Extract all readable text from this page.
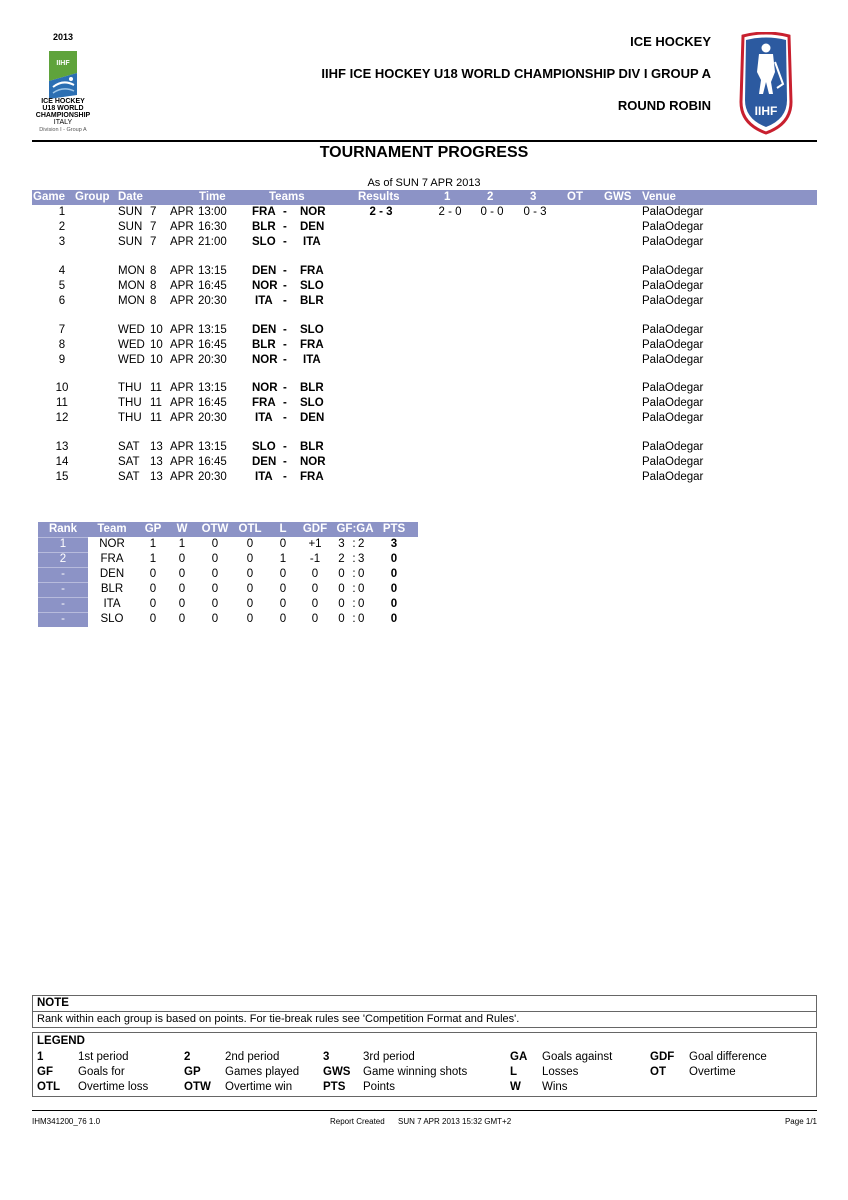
2013
IIHF
ICE HOCKEY
U18 WORLD
CHAMPIONSHIP
ITALY
Division I - Group A
ICE HOCKEY
IIHF ICE HOCKEY U18 WORLD CHAMPIONSHIP DIV I GROUP A
ROUND ROBIN	IIHF
TOURNAMENT PROGRESS
As of SUN 7 APR 2013
Game Group Date	Time	Teams	Results	1	2	3	OT GWS Venue
1	SUN 7 APR 13:00 FRA - NOR	2 - 3	2 - 0	0 - 0	0 - 3	PalaOdegar
2	SUN 7 APR 16:30 BLR - DEN	PalaOdegar
3	SUN 7 APR 21:00 SLO - ITA	PalaOdegar
4	MON 8 APR 13:15 DEN - FRA	PalaOdegar
5	MON 8 APR 16:45 NOR - SLO	PalaOdegar
6	MON 8 APR 20:30 ITA - BLR	PalaOdegar
7	WED 10 APR 13:15 DEN - SLO	PalaOdegar
8	WED 10 APR 16:45 BLR - FRA	PalaOdegar
9	WED 10 APR 20:30 NOR - ITA	PalaOdegar
10	THU 11 APR 13:15 NOR - BLR	PalaOdegar
11	THU 11 APR 16:45 FRA - SLO	PalaOdegar
12	THU 11 APR 20:30 ITA - DEN	PalaOdegar
13	SAT 13 APR 13:15 SLO - BLR	PalaOdegar
14	SAT 13 APR 16:45 DEN - NOR	PalaOdegar
15	SAT 13 APR 20:30 ITA - FRA	PalaOdegar
Rank	Team	GP	W	OTW OTL	L	GDF GF:GA PTS
1	NOR	1	1	0	0	0	+1	3 : 2	3
2	FRA	1	0	0	0	1	-1	2 : 3	0
-	DEN	0	0	0	0	0	0	0 : 0	0
-	BLR	0	0	0	0	0	0	0 : 0	0
-	ITA	0	0	0	0	0	0	0 : 0	0
-	SLO	0	0	0	0	0	0	0 : 0	0
NOTE
Rank within each group is based on points. For tie-break rules see 'Competition Format and Rules'.
LEGEND
1	1st period	2	2nd period	3	3rd period	GA Goals against	GDF Goal difference
GF Goals for	GP Games played GWS Game winning shots	L Losses	OT Overtime
OTL Overtime loss	OTW Overtime win	PTS Points	W Wins
IHM341200_76 1.0	Report Created SUN 7 APR 2013 15:32 GMT+2	Page 1/1
